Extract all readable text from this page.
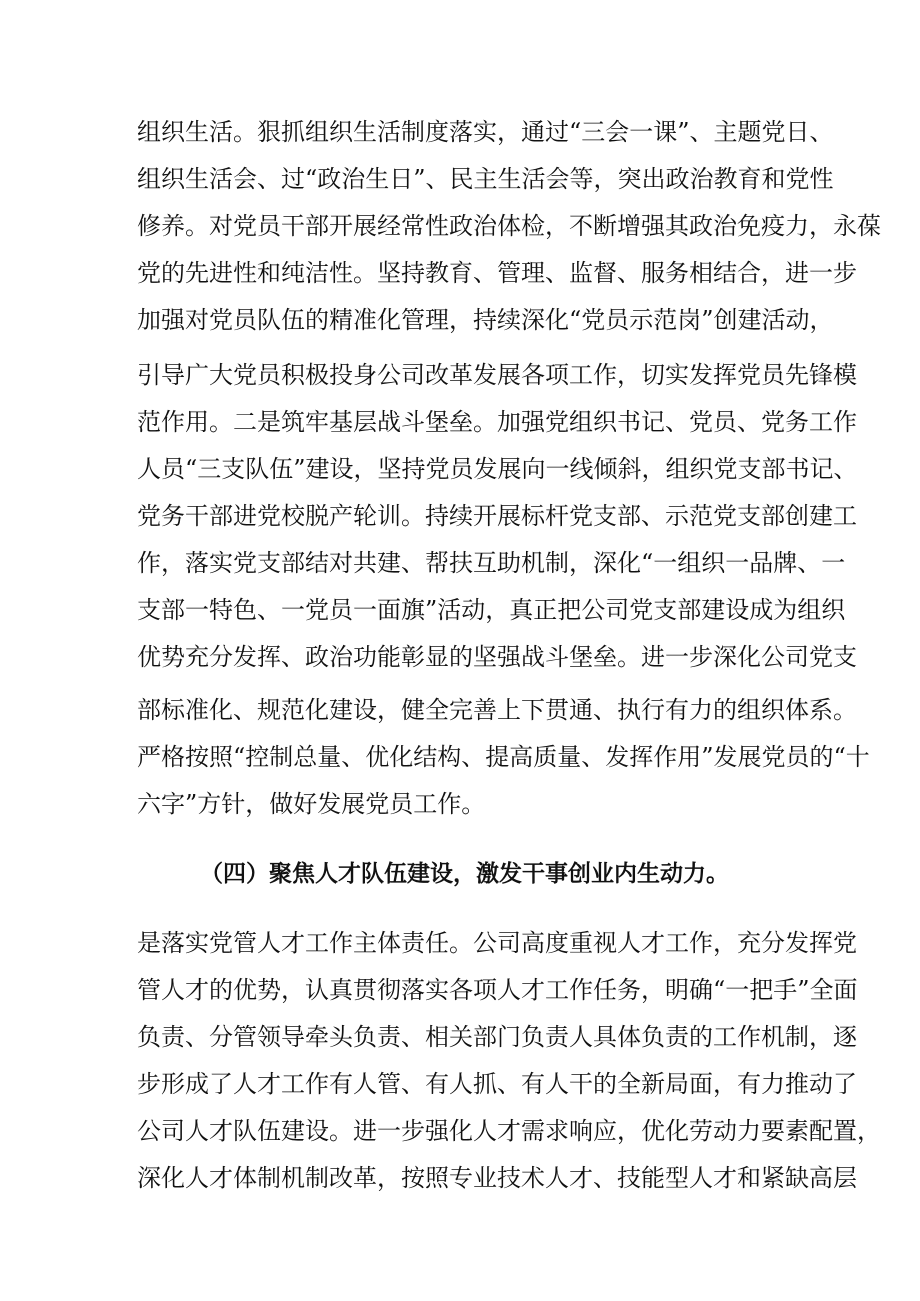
组织生活。狠抓组织生活制度落实，通过“三会一课”、主题党日、
组织生活会、过“政治生日”、民主生活会等，突出政治教育和党性
修养。对党员干部开展经常性政治体检，不断增强其政治免疫力，永葆
党的先进性和纯洁性。坚持教育、管理、监督、服务相结合，进一步
加强对党员队伍的精准化管理，持续深化“党员示范岗”创建活动，
引导广大党员积极投身公司改革发展各项工作，切实发挥党员先锋模
范作用。二是筑牢基层战斗堡垒。加强党组织书记、党员、党务工作
人员“三支队伍”建设，坚持党员发展向一线倾斜，组织党支部书记、
党务干部进党校脱产轮训。持续开展标杆党支部、示范党支部创建工
作，落实党支部结对共建、帮扶互助机制，深化“一组织一品牌、一
支部一特色、一党员一面旗”活动，真正把公司党支部建设成为组织
优势充分发挥、政治功能彰显的坚强战斗堡垒。进一步深化公司党支
部标准化、规范化建设，健全完善上下贯通、执行有力的组织体系。
严格按照“控制总量、优化结构、提高质量、发挥作用”发展党员的“十
六字”方针，做好发展党员工作。
（四）聚焦人才队伍建设，激发干事创业内生动力。
是落实党管人才工作主体责任。公司高度重视人才工作，充分发挥党
管人才的优势，认真贯彻落实各项人才工作任务，明确“一把手”全面
负责、分管领导牵头负责、相关部门负责人具体负责的工作机制，逐
步形成了人才工作有人管、有人抓、有人干的全新局面，有力推动了
公司人才队伍建设。进一步强化人才需求响应，优化劳动力要素配置，
深化人才体制机制改革，按照专业技术人才、技能型人才和紧缺高层
